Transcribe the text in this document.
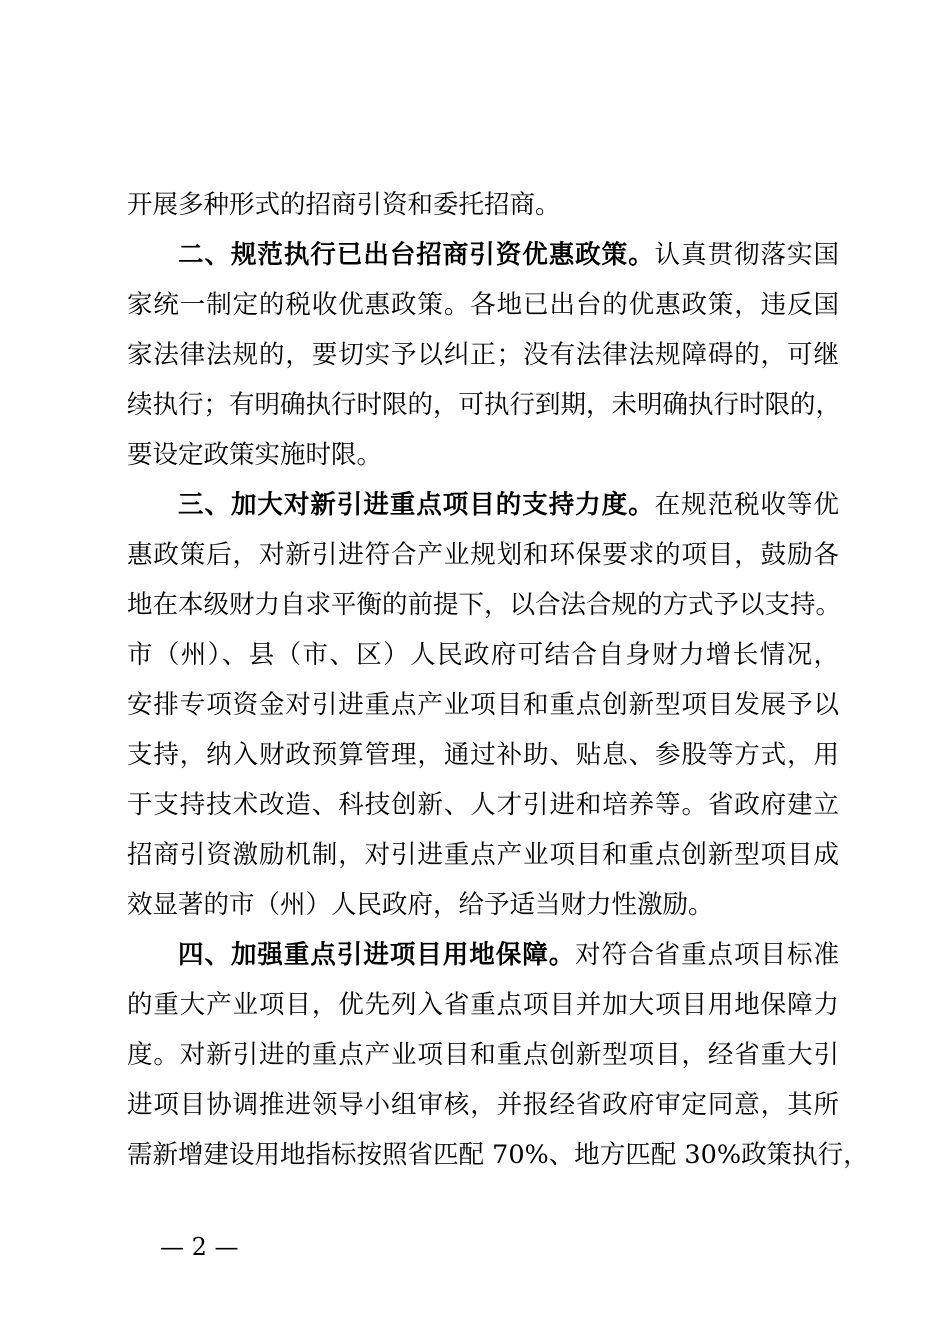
开展多种形式的招商引资和委托招商。
二、规范执行已出台招商引资优惠政策。认真贯彻落实国
家统一制定的税收优惠政策。各地已出台的优惠政策，违反国
家法律法规的，要切实予以纠正；没有法律法规障碍的，可继
续执行；有明确执行时限的，可执行到期，未明确执行时限的，
要设定政策实施时限。
三、加大对新引进重点项目的支持力度。在规范税收等优
惠政策后，对新引进符合产业规划和环保要求的项目，鼓励各
地在本级财力自求平衡的前提下，以合法合规的方式予以支持。
市（州）、县（市、区）人民政府可结合自身财力增长情况，
安排专项资金对引进重点产业项目和重点创新型项目发展予以
支持，纳入财政预算管理，通过补助、贴息、参股等方式，用
于支持技术改造、科技创新、人才引进和培养等。省政府建立
招商引资激励机制，对引进重点产业项目和重点创新型项目成
效显著的市（州）人民政府，给予适当财力性激励。
四、加强重点引进项目用地保障。对符合省重点项目标准
的重大产业项目，优先列入省重点项目并加大项目用地保障力
度。对新引进的重点产业项目和重点创新型项目，经省重大引
进项目协调推进领导小组审核，并报经省政府审定同意，其所
需新增建设用地指标按照省匹配 70%、地方匹配 30%政策执行，
— 2 —
